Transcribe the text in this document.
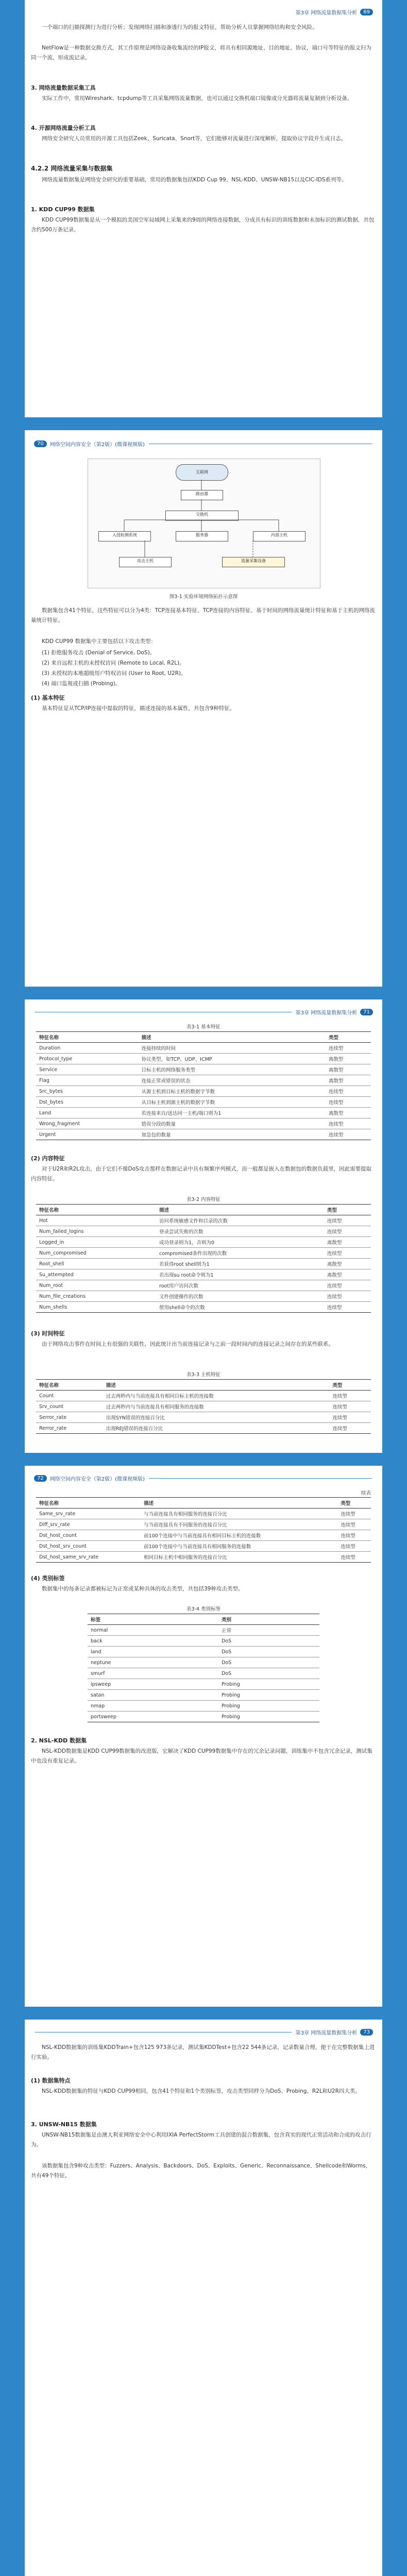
第3章 网络流量数据集分析	69
一个端口的扫描探测行为进行分析；发现网络扫描和渗透行为的报文特征，帮助分析人员掌握网络结构和安全风险。
NetFlow是一种数据交换方式，其工作原理是网络设备收集流经的IP报文，将具有相同源地址、目的地址、协议、端口号等特征的报文归为同一个流，形成流记录。
3. 网络流量数据采集工具
实际工作中，常用Wireshark、tcpdump等工具采集网络流量数据，也可以通过交换机端口镜像或分光器将流量复制到分析设备。
4. 开源网络流量分析工具
网络安全研究人员常用的开源工具包括Zeek、Suricata、Snort等，它们能够对流量进行深度解析，提取协议字段并生成日志。
4.2.2 网络流量采集与数据集
网络流量数据集是网络安全研究的重要基础，常用的数据集包括KDD Cup 99、NSL-KDD、UNSW-NB15以及CIC-IDS系列等。
1. KDD CUP99 数据集
KDD CUP99数据集是从一个模拟的美国空军局域网上采集来的9周的网络连接数据，分成具有标识的训练数据和未加标识的测试数据，共包含约500万条记录。
70	网络空间内容安全（第2版）(微课视频版)
互联网
路由器
交换机
入侵检测系统	服务器	内部主机
攻击主机	流量采集设备
图3-1 实验环境网络拓扑示意图
数据集包含41个特征，这些特征可以分为4类：TCP连接基本特征、TCP连接的内容特征、基于时间的网络流量统计特征和基于主机的网络流量统计特征。
KDD CUP99 数据集中主要包括以下攻击类型：
(1) 拒绝服务攻击 (Denial of Service, DoS)。
(2) 来自远程主机的未授权访问 (Remote to Local, R2L)。
(3) 未授权的本地超级用户特权访问 (User to Root, U2R)。
(4) 端口监视或扫描 (Probing)。
(1) 基本特征
基本特征是从TCP/IP连接中提取的特征，描述连接的基本属性，共包含9种特征。
第3章 网络流量数据集分析	71
表3-1 基本特征
特征名称	描述	类型
Duration	连接持续的时间	连续型
Protocol_type	协议类型，如TCP、UDP、ICMP	离散型
Service	目标主机的网络服务类型	离散型
Flag	连接正常或错误的状态	离散型
Src_bytes	从源主机到目标主机的数据字节数	连续型
Dst_bytes	从目标主机到源主机的数据字节数	连续型
Land	若连接来自/送达同一主机/端口则为1	离散型
Wrong_fragment	错误分段的数量	连续型
Urgent	加急包的数量	连续型
(2) 内容特征
对于U2R和R2L攻击，由于它们不像DoS攻击那样在数据记录中具有频繁序列模式，而一般都是嵌入在数据包的数据负载里，因此需要提取内容特征。
表3-2 内容特征
特征名称	描述	类型
Hot	访问系统敏感文件和目录的次数	连续型
Num_failed_logins	登录尝试失败的次数	连续型
Logged_in	成功登录则为1，否则为0	离散型
Num_compromised	compromised条件出现的次数	连续型
Root_shell	若获得root shell则为1	离散型
Su_attempted	若出现su root命令则为1	离散型
Num_root	root用户访问次数	连续型
Num_file_creations	文件创建操作的次数	连续型
Num_shells	使用shell命令的次数	连续型
(3) 时间特征
由于网络攻击事件在时间上有很强的关联性，因此统计出当前连接记录与之前一段时间内的连接记录之间存在的某些联系。
表3-3 主机特征
特征名称	描述	类型
Count	过去两秒内与当前连接具有相同目标主机的连接数	连续型
Srv_count	过去两秒内与当前连接具有相同服务的连接数	连续型
Serror_rate	出现SYN错误的连接百分比	连续型
Rerror_rate	出现REJ错误的连接百分比	连续型
72	网络空间内容安全（第2版）(微课视频版)
续表
特征名称	描述	类型
Same_srv_rate	与当前连接具有相同服务的连接百分比	连续型
Diff_srv_rate	与当前连接具有不同服务的连接百分比	连续型
Dst_host_count	前100个连接中与当前连接具有相同目标主机的连接数	连续型
Dst_host_srv_count	前100个连接中与当前连接具有相同服务的连接数	连续型
Dst_host_same_srv_rate	相同目标主机中相同服务的连接百分比	连续型
(4) 类别标签
数据集中的每条记录都被标记为正常或某种具体的攻击类型，共包括39种攻击类型。
表3-4 类别标签
标签	类别
normal	正常
back	DoS
land	DoS
neptune	DoS
smurf	DoS
ipsweep	Probing
satan	Probing
nmap	Probing
portsweep	Probing
2. NSL-KDD 数据集
NSL-KDD数据集是KDD CUP99数据集的改进版，它解决了KDD CUP99数据集中存在的冗余记录问题，训练集中不包含冗余记录，测试集中也没有重复记录。
第3章 网络流量数据集分析	73
NSL-KDD数据集的训练集KDDTrain+包含125 973条记录，测试集KDDTest+包含22 544条记录，记录数量合理，便于在完整数据集上进行实验。
(1) 数据集特点
NSL-KDD数据集的特征与KDD CUP99相同，包含41个特征和1个类别标签，攻击类型同样分为DoS、Probing、R2L和U2R四大类。
3. UNSW-NB15 数据集
UNSW-NB15数据集是由澳大利亚网络安全中心利用IXIA PerfectStorm工具创建的混合数据集，包含真实的现代正常活动和合成的攻击行为。
该数据集包含9种攻击类型：Fuzzers、Analysis、Backdoors、DoS、Exploits、Generic、Reconnaissance、Shellcode和Worms，共有49个特征。
